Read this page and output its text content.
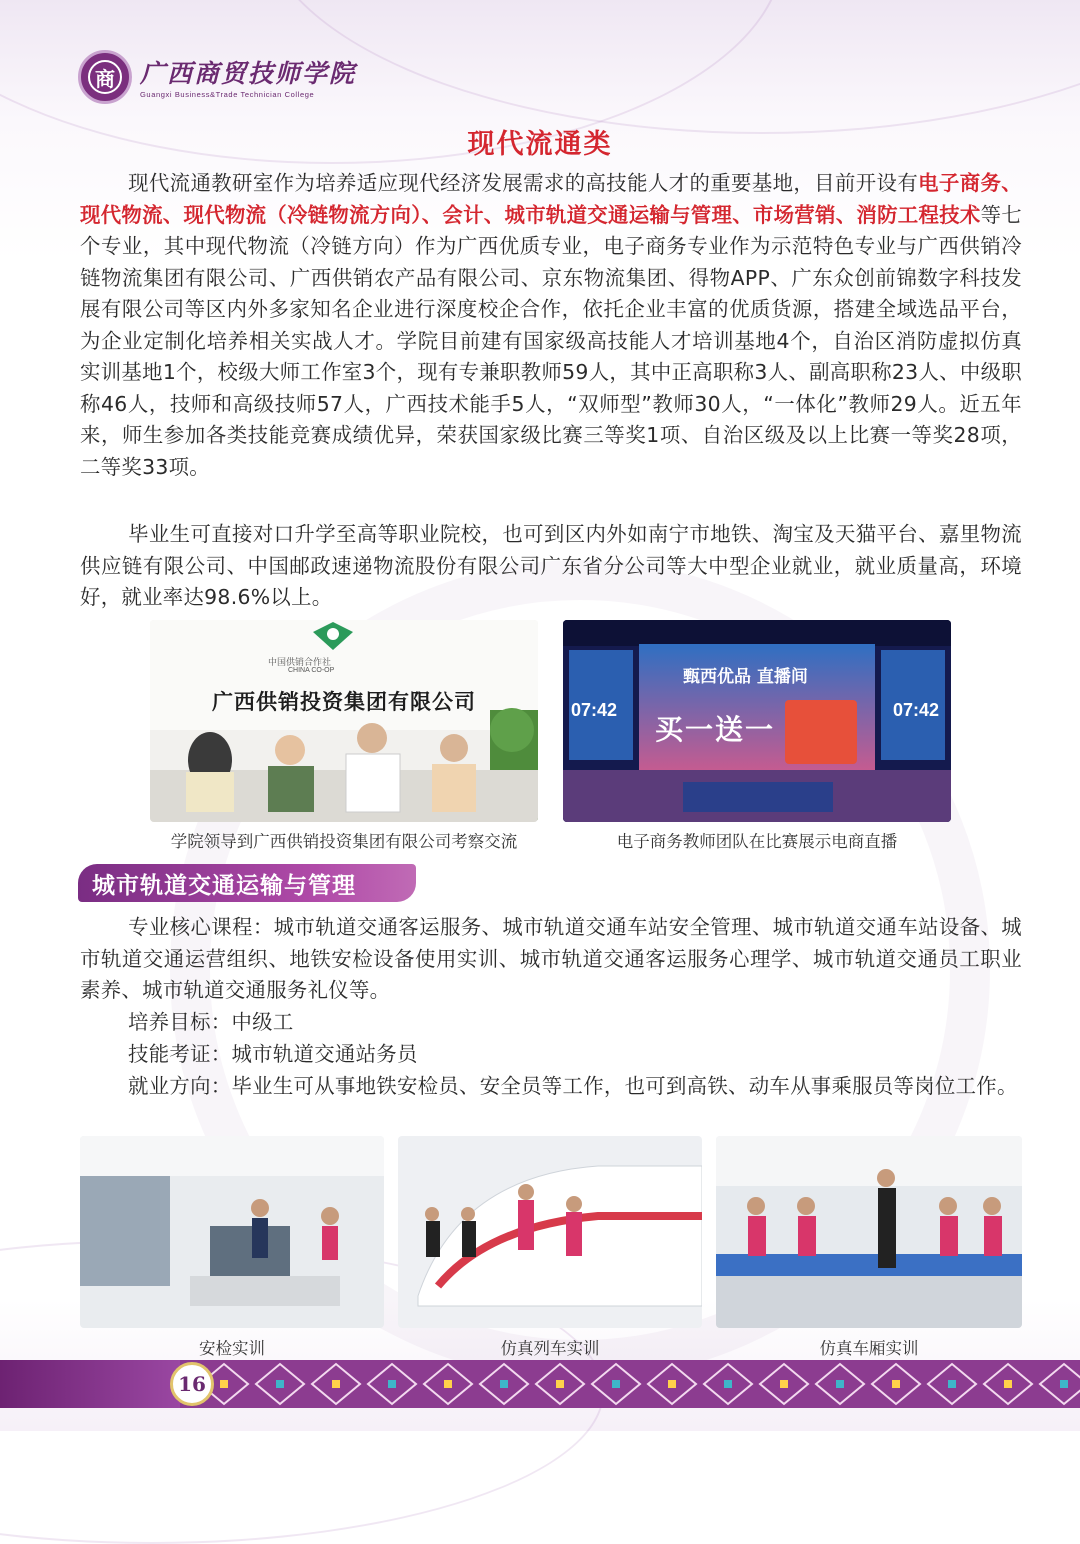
商 广西商贸技师学院
Guangxi Business&Trade Technician College
现代流通类

现代流通教研室作为培养适应现代经济发展需求的高技能人才的重要基地，目前开设有电子商务、现代物流、现代物流（冷链物流方向）、会计、城市轨道交通运输与管理、市场营销、消防工程技术等七个专业，其中现代物流（冷链方向）作为广西优质专业，电子商务专业作为示范特色专业与广西供销冷链物流集团有限公司、广西供销农产品有限公司、京东物流集团、得物APP、广东众创前锦数字科技发展有限公司等区内外多家知名企业进行深度校企合作，依托企业丰富的优质货源，搭建全域选品平台，为企业定制化培养相关实战人才。学院目前建有国家级高技能人才培训基地4个，自治区消防虚拟仿真实训基地1个，校级大师工作室3个，现有专兼职教师59人，其中正高职称3人、副高职称23人、中级职称46人，技师和高级技师57人，广西技术能手5人，“双师型”教师30人，“一体化”教师29人。近五年来，师生参加各类技能竞赛成绩优异，荣获国家级比赛三等奖1项、自治区级及以上比赛一等奖28项，二等奖33项。

毕业生可直接对口升学至高等职业院校，也可到区内外如南宁市地铁、淘宝及天猫平台、嘉里物流供应链有限公司、中国邮政速递物流股份有限公司广东省分公司等大中型企业就业，就业质量高，环境好，就业率达98.6%以上。

中国供销合作社
CHINA CO-OP
广西供销投资集团有限公司
学院领导到广西供销投资集团有限公司考察交流
07:42	07:42
甄西优品 直播间
买一送一
电子商务教师团队在比赛展示电商直播
城市轨道交通运输与管理

专业核心课程：城市轨道交通客运服务、城市轨道交通车站安全管理、城市轨道交通车站设备、城市轨道交通运营组织、地铁安检设备使用实训、城市轨道交通客运服务心理学、城市轨道交通员工职业素养、城市轨道交通服务礼仪等。

培养目标：中级工

技能考证：城市轨道交通站务员

就业方向：毕业生可从事地铁安检员、安全员等工作，也可到高铁、动车从事乘服员等岗位工作。

安检实训	仿真列车实训	仿真车厢实训
16
